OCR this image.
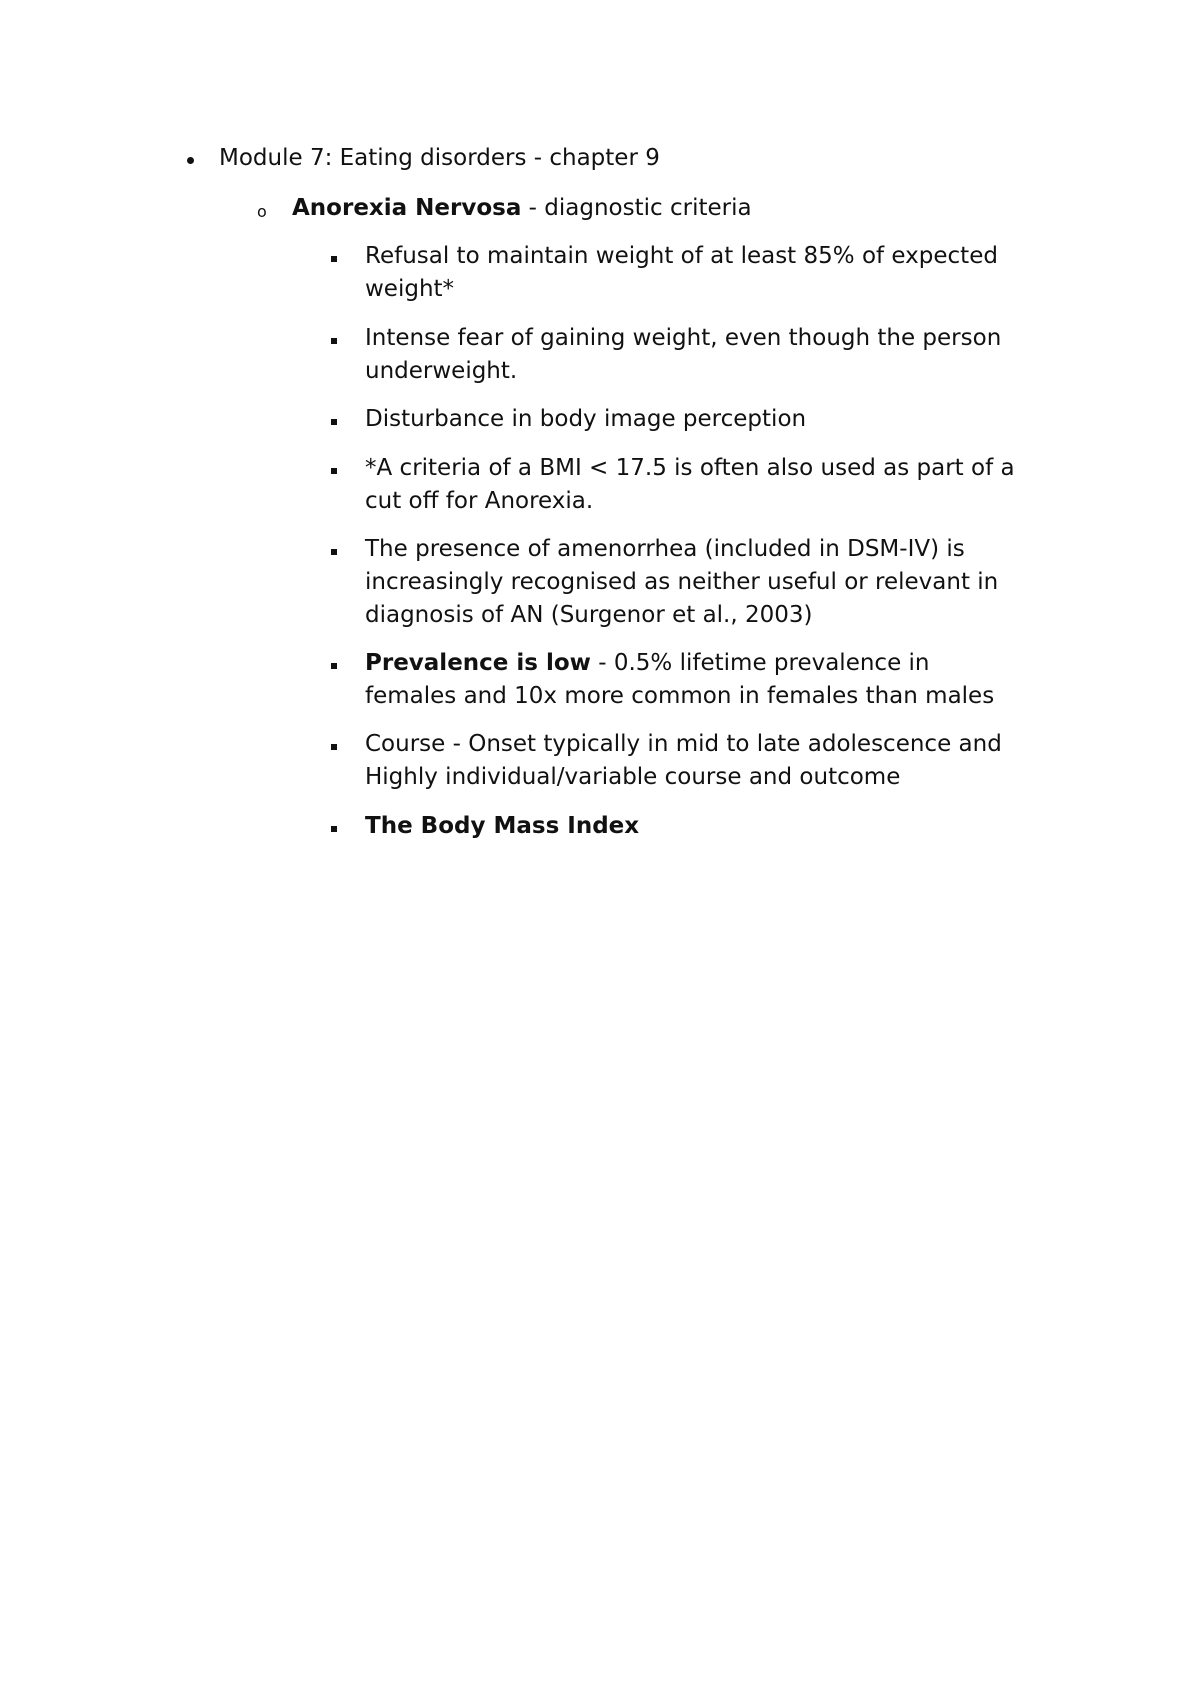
Module 7: Eating disorders - chapter 9
o Anorexia Nervosa - diagnostic criteria
Refusal to maintain weight of at least 85% of expected
weight*
Intense fear of gaining weight, even though the person
underweight.
Disturbance in body image perception
*A criteria of a BMI < 17.5 is often also used as part of a
cut off for Anorexia.
The presence of amenorrhea (included in DSM-IV) is
increasingly recognised as neither useful or relevant in
diagnosis of AN (Surgenor et al., 2003)
Prevalence is low - 0.5% lifetime prevalence in
females and 10x more common in females than males
Course - Onset typically in mid to late adolescence and
Highly individual/variable course and outcome
The Body Mass Index
